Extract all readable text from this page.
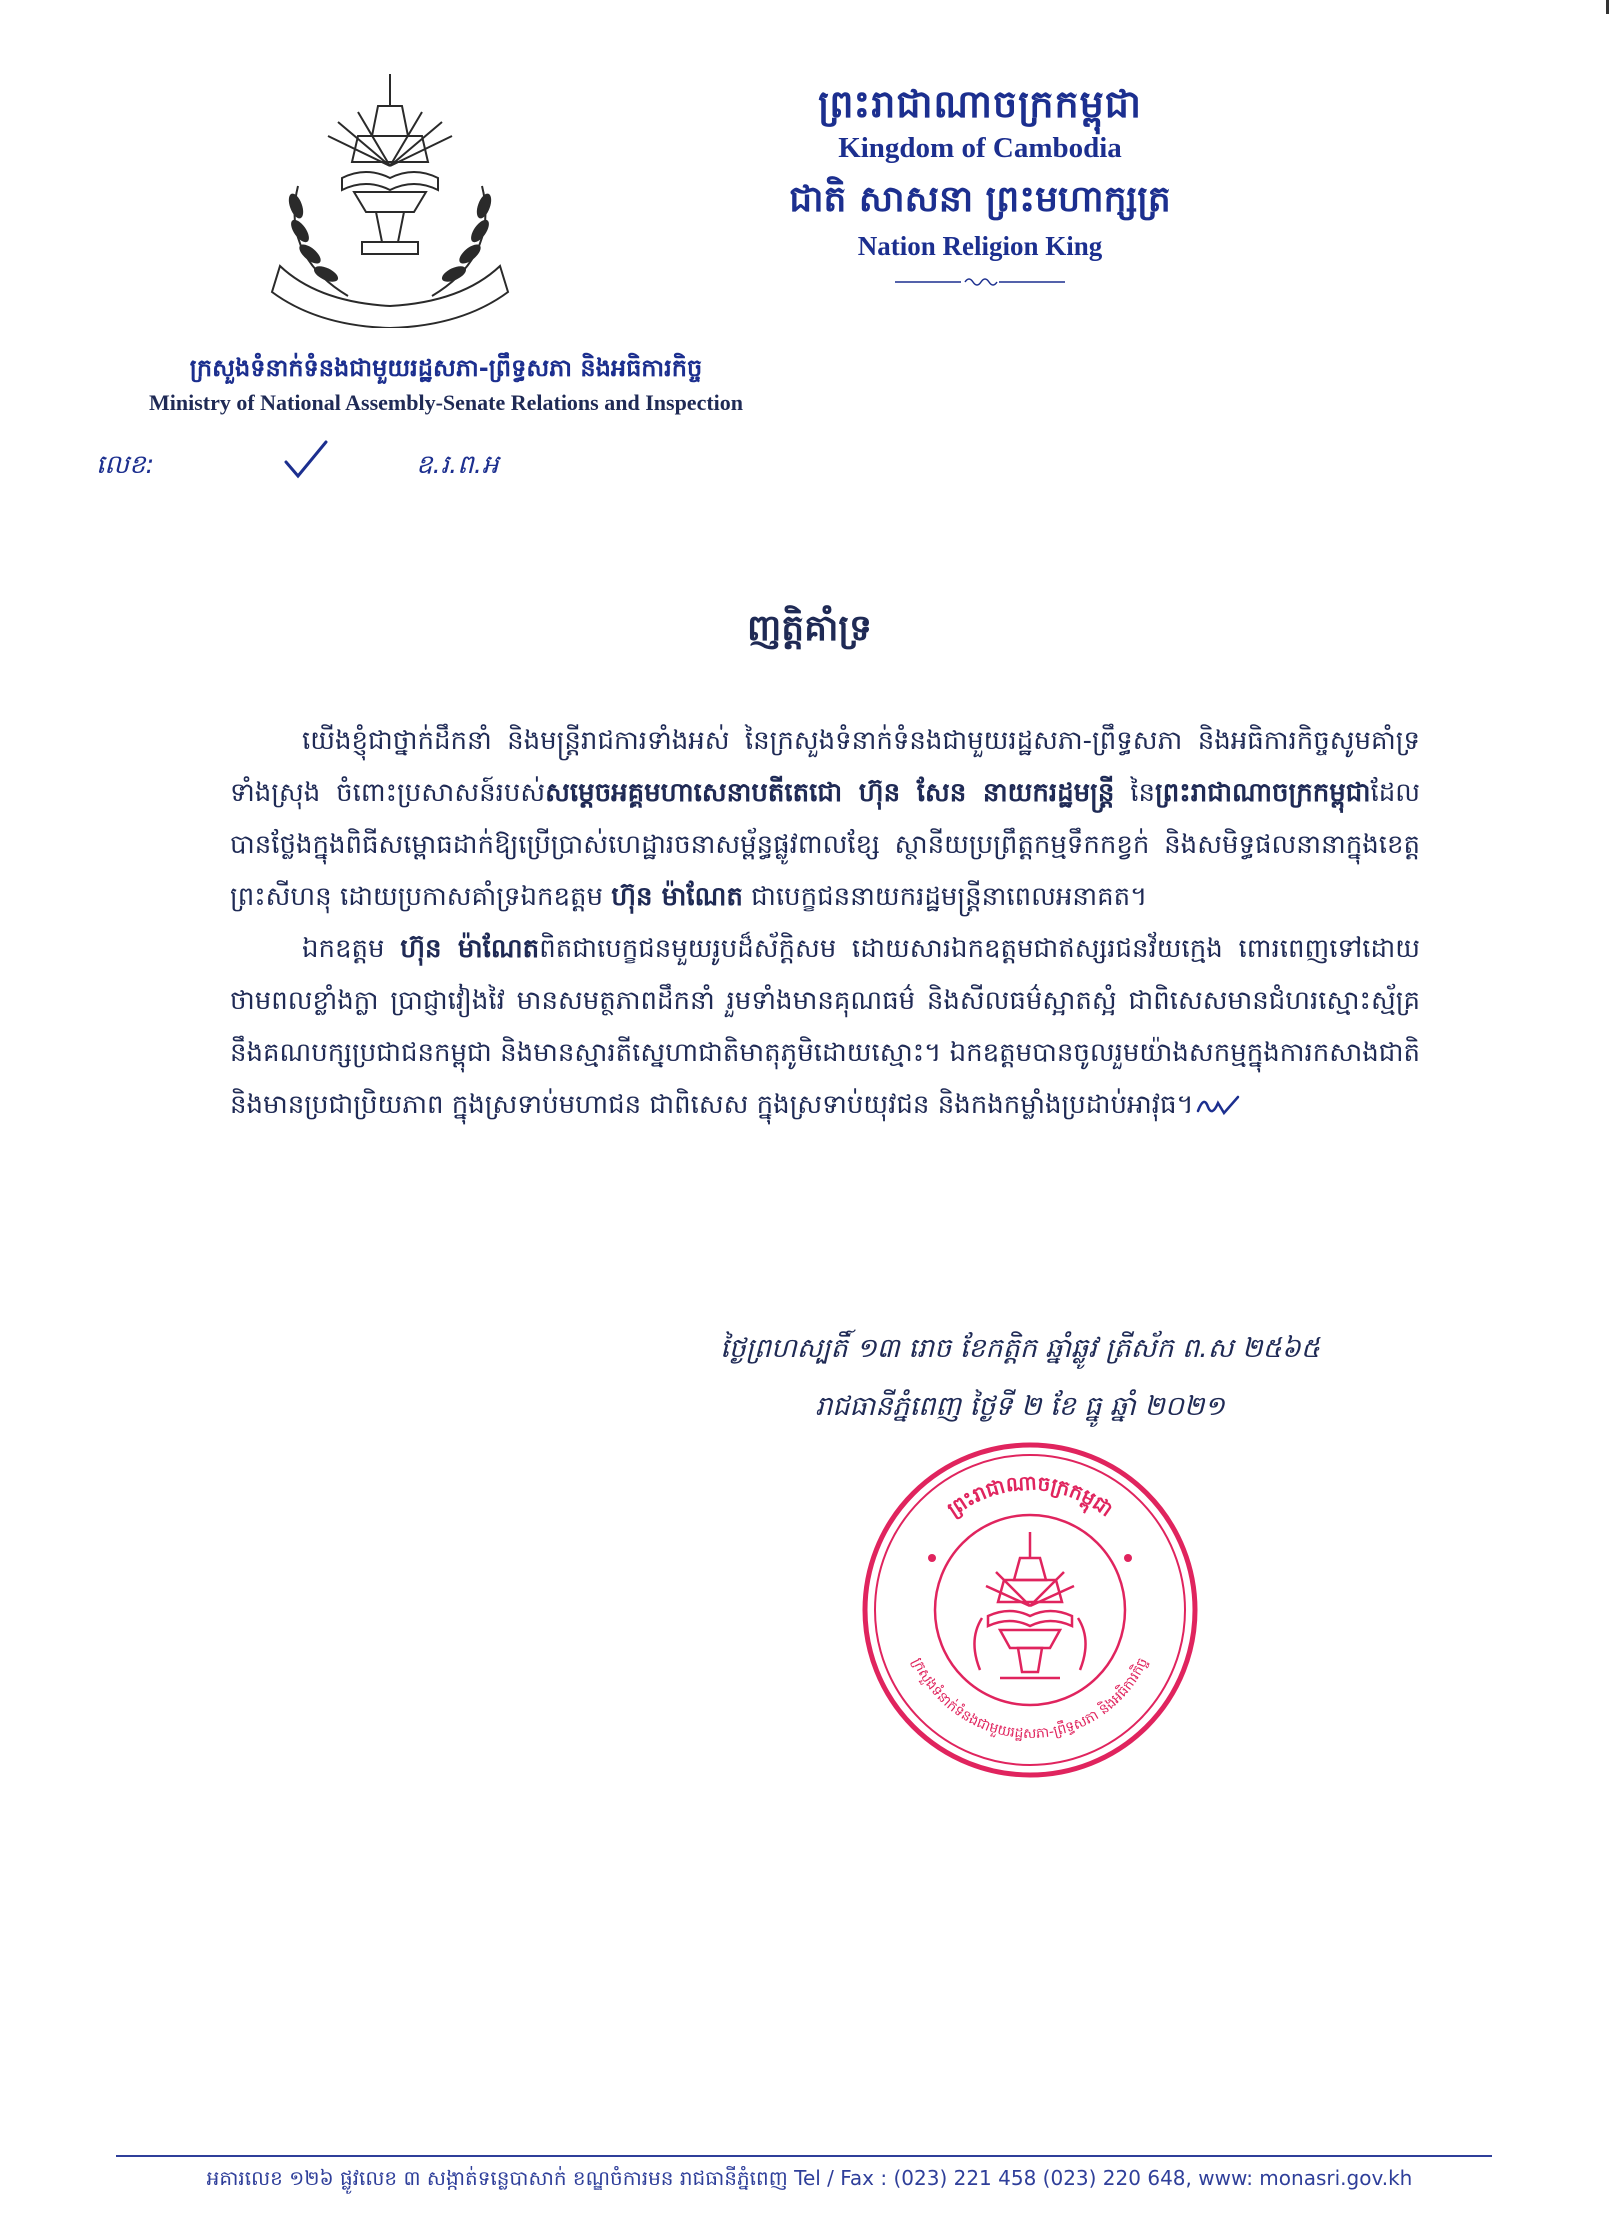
ព្រះរាជាណាចក្រកម្ពុជា
Kingdom of Cambodia
ជាតិ សាសនា ព្រះមហាក្សត្រ
Nation Religion King
ក្រសួងទំនាក់ទំនងជាមួយរដ្ឋសភា-ព្រឹទ្ធសភា និងអធិការកិច្ច
Ministry of National Assembly-Senate Relations and Inspection
លេខ:	ឧ.រ.ព.អ
ញត្តិគាំទ្រ

យើងខ្ញុំជាថ្នាក់ដឹកនាំ និងមន្រ្តីរាជការទាំងអស់ នៃក្រសួងទំនាក់ទំនងជាមួយរដ្ឋសភា-ព្រឹទ្ធសភា និងអធិការកិច្ចសូមគាំទ្រទាំងស្រុង ចំពោះប្រសាសន៍របស់សម្តេចអគ្គមហាសេនាបតីតេជោ ហ៊ុន សែន នាយករដ្ឋមន្ត្រី នៃព្រះរាជាណាចក្រកម្ពុជាដែលបានថ្លែងក្នុងពិធីសម្ពោធដាក់ឱ្យប្រើប្រាស់ហេដ្ឋារចនាសម្ព័ន្ធផ្លូវពាលខ្សែ ស្ថានីយប្រព្រឹត្តកម្មទឹកកខ្វក់ និងសមិទ្ធផលនានាក្នុងខេត្តព្រះសីហនុ ដោយប្រកាសគាំទ្រឯកឧត្តម ហ៊ុន ម៉ាណែត ជាបេក្ខជននាយករដ្ឋមន្ត្រីនាពេលអនាគត។

ឯកឧត្តម ហ៊ុន ម៉ាណែតពិតជាបេក្ខជនមួយរូបដ៏ស័ក្តិសម ដោយសារឯកឧត្តមជាឥស្សរជនវ័យក្មេង ពោរពេញទៅដោយថាមពលខ្លាំងក្លា ប្រាជ្ញាវៀងវៃ មានសមត្ថភាពដឹកនាំ រួមទាំងមានគុណធម៌ និងសីលធម៌ស្អាតស្អំ ជាពិសេសមានជំហរស្មោះស្ម័គ្រនឹងគណបក្សប្រជាជនកម្ពុជា និងមានស្មារតីស្នេហាជាតិមាតុភូមិដោយស្មោះ។ ឯកឧត្តមបានចូលរួមយ៉ាងសកម្មក្នុងការកសាងជាតិ និងមានប្រជាប្រិយភាព ក្នុងស្រទាប់មហាជន ជាពិសេស ក្នុងស្រទាប់យុវជន និងកងកម្លាំងប្រដាប់អាវុធ។

ថ្ងៃព្រហស្បតិ៍ ១៣ រោច ខែកត្តិក ឆ្នាំឆ្លូវ ត្រីស័ក ព.ស ២៥៦៥
រាជធានីភ្នំពេញ ថ្ងៃទី ២ ខែ ធ្នូ ឆ្នាំ ២០២១
ព្រះរាជាណាចក្រកម្ពុជា
ក្រសួងទំនាក់ទំនងជាមួយរដ្ឋសភា-ព្រឹទ្ធសភា និងអធិការកិច្ច
អគារលេខ ១២៦ ផ្លូវលេខ ៣ សង្កាត់ទន្លេបាសាក់ ខណ្ឌចំការមន រាជធានីភ្នំពេញ Tel / Fax : (023) 221 458 (023) 220 648, www: monasri.gov.kh
